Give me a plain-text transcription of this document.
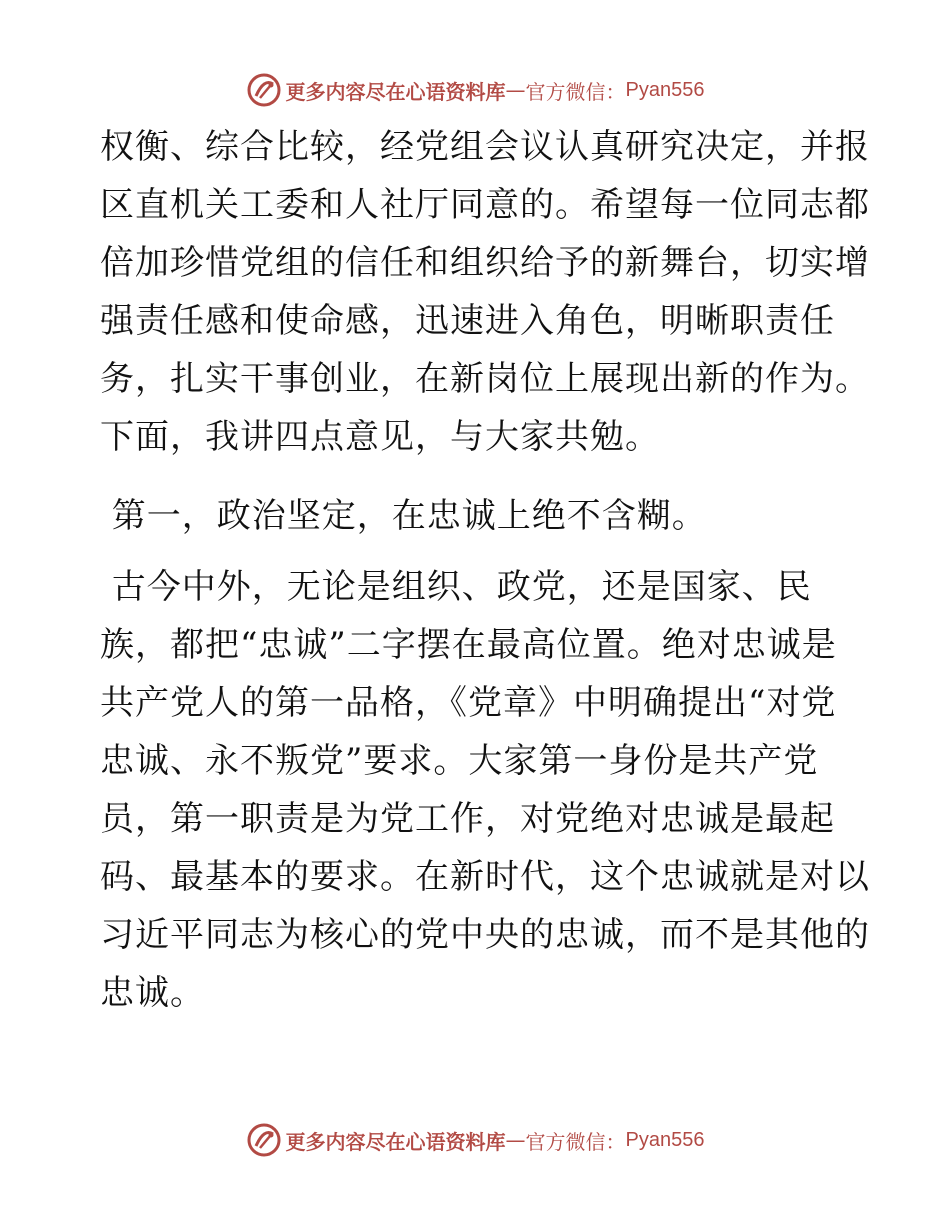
更多内容尽在心语资料库 — 官方微信： Pyan556
权衡、综合比较，经党组会议认真研究决定，并报
区直机关工委和人社厅同意的。希望每一位同志都
倍加珍惜党组的信任和组织给予的新舞台，切实增
强责任感和使命感，迅速进入角色，明晰职责任
务，扎实干事创业，在新岗位上展现出新的作为。
下面，我讲四点意见，与大家共勉。
第一，政治坚定，在忠诚上绝不含糊。
古今中外，无论是组织、政党，还是国家、民
族，都把“忠诚”二字摆在最高位置。绝对忠诚是
共产党人的第一品格，《党章》中明确提出“对党
忠诚、永不叛党”要求。大家第一身份是共产党
员，第一职责是为党工作，对党绝对忠诚是最起
码、最基本的要求。在新时代，这个忠诚就是对以
习近平同志为核心的党中央的忠诚，而不是其他的
忠诚。
更多内容尽在心语资料库 — 官方微信： Pyan556
